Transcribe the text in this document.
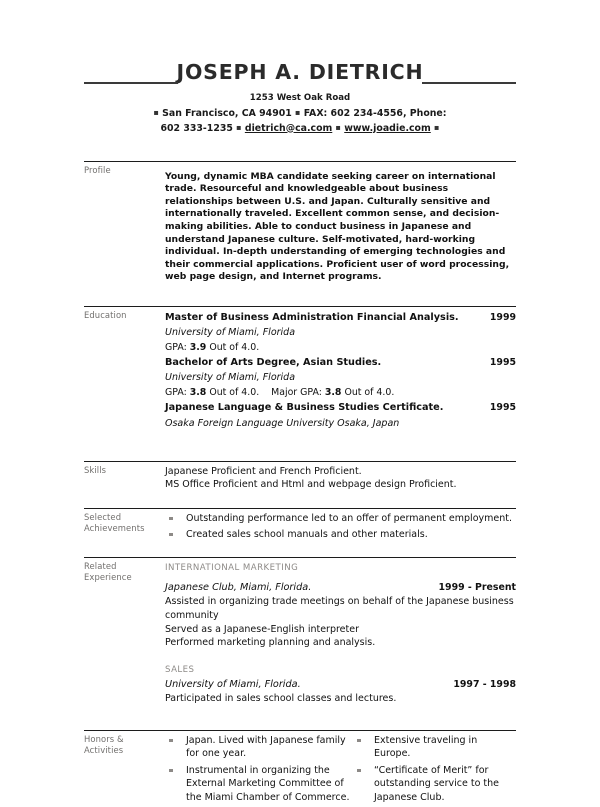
JOSEPH A. DIETRICH
1253 West Oak Road
▪ San Francisco, CA 94901 ▪ FAX: 602 234-4556, Phone:
602 333-1235 ▪ dietrich@ca.com ▪ www.joadie.com ▪
Profile
Young, dynamic MBA candidate seeking career on international trade. Resourceful and knowledgeable about business relationships between U.S. and Japan. Culturally sensitive and internationally traveled. Excellent common sense, and decision-making abilities. Able to conduct business in Japanese and understand Japanese culture. Self-motivated, hard-working individual. In-depth understanding of emerging technologies and their commercial applications. Proficient user of word processing, web page design, and Internet programs.
Education	Master of Business Administration Financial Analysis.	1999
University of Miami, Florida
GPA: 3.9 Out of 4.0.
Bachelor of Arts Degree, Asian Studies.	1995
University of Miami, Florida
GPA: 3.8 Out of 4.0. Major GPA: 3.8 Out of 4.0.
Japanese Language & Business Studies Certificate.	1995
Osaka Foreign Language University Osaka, Japan
Skills	Japanese Proficient and French Proficient.
MS Office Proficient and Html and webpage design Proficient.
Selected
Achievements
Outstanding performance led to an offer of permanent employment.
Created sales school manuals and other materials.
Related
Experience
INTERNATIONAL MARKETING
Japanese Club, Miami, Florida.	1999 - Present
Assisted in organizing trade meetings on behalf of the Japanese business community
Served as a Japanese-English interpreter
Performed marketing planning and analysis.
SALES
University of Miami, Florida.	1997 - 1998
Participated in sales school classes and lectures.
Honors &
Activities
Japan. Lived with Japanese family for one year.
Instrumental in organizing the External Marketing Committee of the Miami Chamber of Commerce.
Extensive traveling in Europe.
“Certificate of Merit” for outstanding service to the Japanese Club.
